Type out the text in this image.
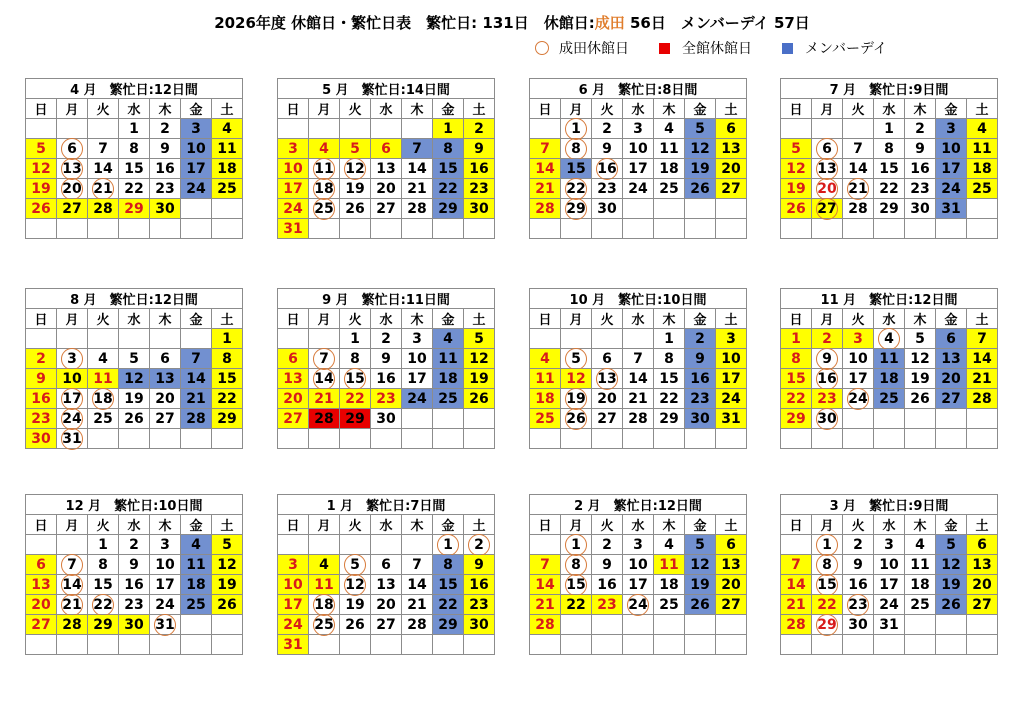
2026年度 休館日・繁忙日表　繁忙日: 131日　休館日:成田 56日　メンバーデイ 57日
成田休館日	全館休館日	メンバーデイ
4 月　繁忙日:12日間						
日	月	火	水	木	金	土
			1	2	3	4
5	6	7	8	9	10	11
12	13	14	15	16	17	18
19	20	21	22	23	24	25
26	27	28	29	30		

5 月　繁忙日:14日間						
日	月	火	水	木	金	土
					1	2
3	4	5	6	7	8	9
10	11	12	13	14	15	16
17	18	19	20	21	22	23
24	25	26	27	28	29	30
31						
6 月　繁忙日:8日間						
日	月	火	水	木	金	土
	1	2	3	4	5	6
7	8	9	10	11	12	13
14	15	16	17	18	19	20
21	22	23	24	25	26	27
28	29	30				

7 月　繁忙日:9日間						
日	月	火	水	木	金	土
			1	2	3	4
5	6	7	8	9	10	11
12	13	14	15	16	17	18
19	20	21	22	23	24	25
26	27	28	29	30	31	

8 月　繁忙日:12日間						
日	月	火	水	木	金	土
						1
2	3	4	5	6	7	8
9	10	11	12	13	14	15
16	17	18	19	20	21	22
23	24	25	26	27	28	29
30	31					
9 月　繁忙日:11日間						
日	月	火	水	木	金	土
		1	2	3	4	5
6	7	8	9	10	11	12
13	14	15	16	17	18	19
20	21	22	23	24	25	26
27	28	29	30			

10 月　繁忙日:10日間						
日	月	火	水	木	金	土
				1	2	3
4	5	6	7	8	9	10
11	12	13	14	15	16	17
18	19	20	21	22	23	24
25	26	27	28	29	30	31

11 月　繁忙日:12日間						
日	月	火	水	木	金	土
1	2	3	4	5	6	7
8	9	10	11	12	13	14
15	16	17	18	19	20	21
22	23	24	25	26	27	28
29	30					

12 月　繁忙日:10日間						
日	月	火	水	木	金	土
		1	2	3	4	5
6	7	8	9	10	11	12
13	14	15	16	17	18	19
20	21	22	23	24	25	26
27	28	29	30	31		

1 月　繁忙日:7日間						
日	月	火	水	木	金	土
					1	2
3	4	5	6	7	8	9
10	11	12	13	14	15	16
17	18	19	20	21	22	23
24	25	26	27	28	29	30
31						
2 月　繁忙日:12日間						
日	月	火	水	木	金	土
	1	2	3	4	5	6
7	8	9	10	11	12	13
14	15	16	17	18	19	20
21	22	23	24	25	26	27
28						

3 月　繁忙日:9日間						
日	月	火	水	木	金	土
	1	2	3	4	5	6
7	8	9	10	11	12	13
14	15	16	17	18	19	20
21	22	23	24	25	26	27
28	29	30	31			
